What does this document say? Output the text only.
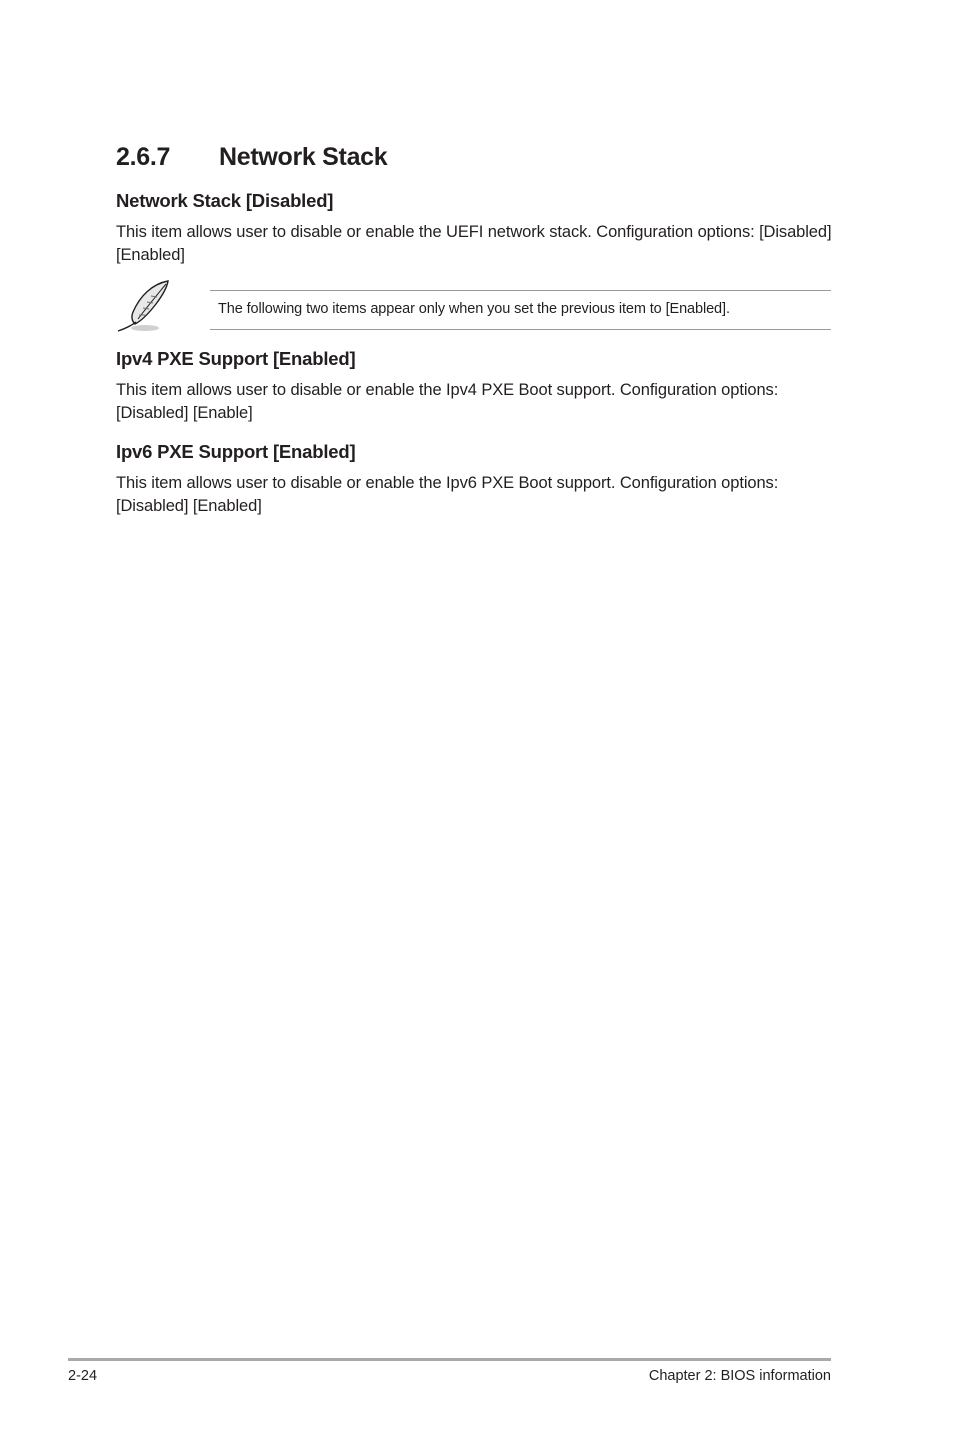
2.6.7 Network Stack
Network Stack [Disabled]

This item allows user to disable or enable the UEFI network stack. Configuration options: [Disabled] [Enabled]

The following two items appear only when you set the previous item to [Enabled].
Ipv4 PXE Support [Enabled]

This item allows user to disable or enable the Ipv4 PXE Boot support. Configuration options: [Disabled] [Enable]

Ipv6 PXE Support [Enabled]

This item allows user to disable or enable the Ipv6 PXE Boot support. Configuration options: [Disabled] [Enabled]

2-24	Chapter 2: BIOS information
